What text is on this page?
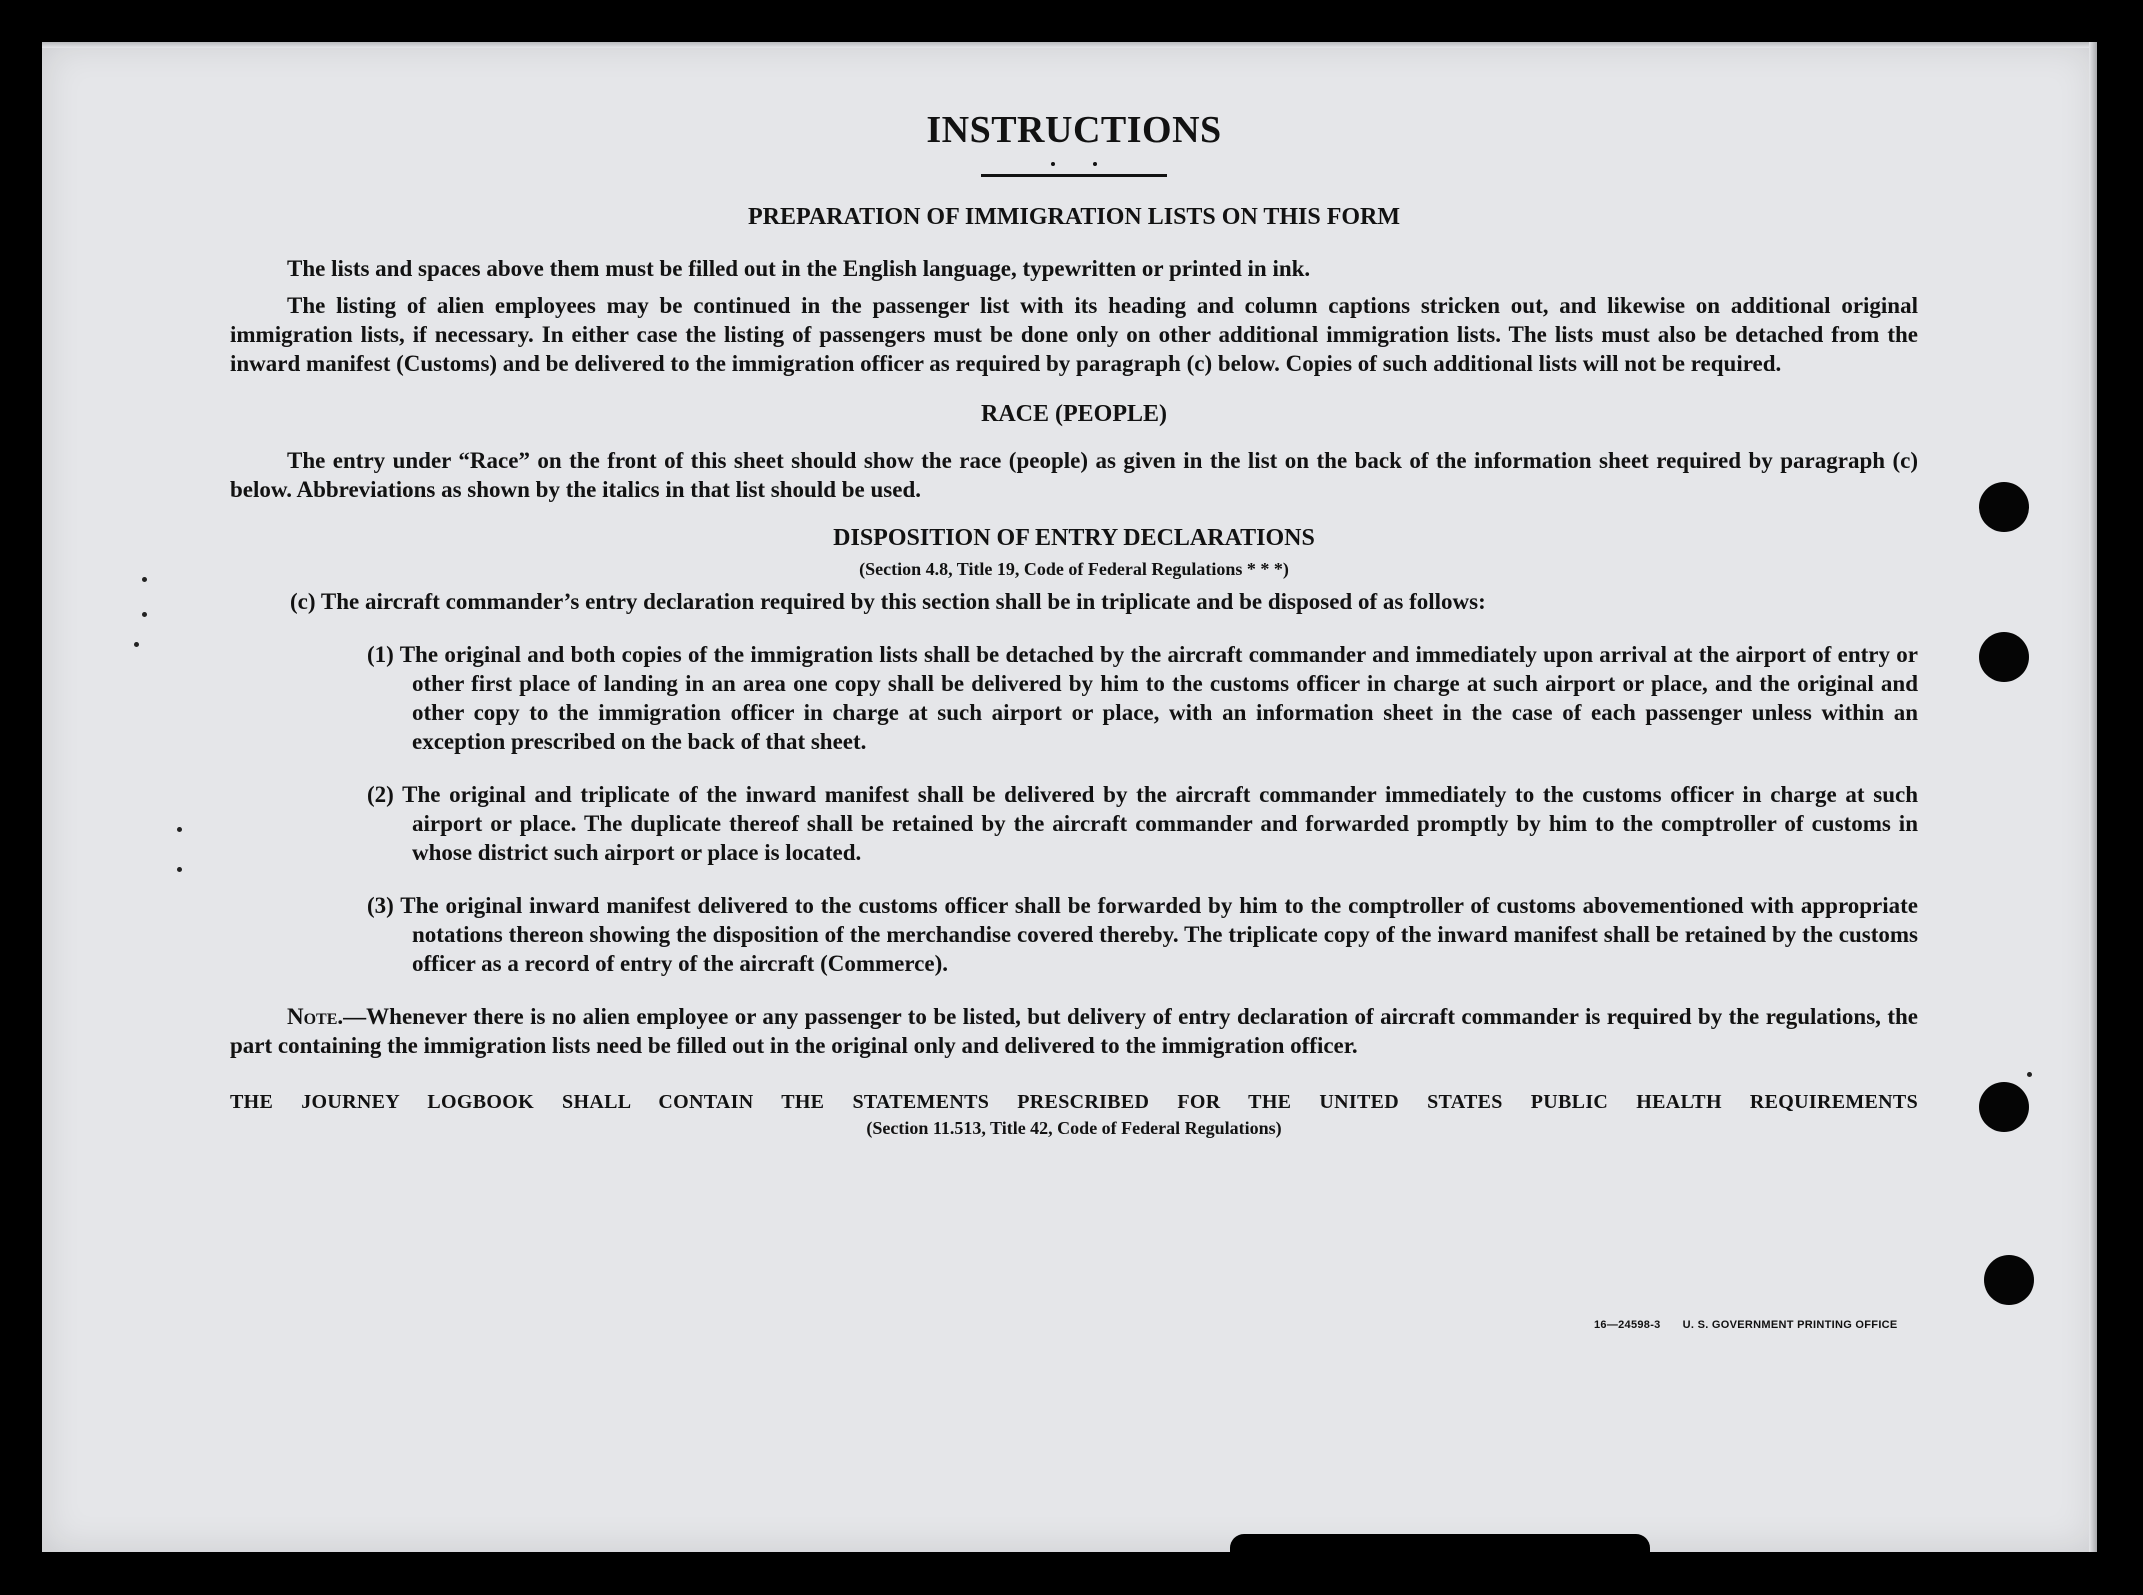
16—24598-3 U. S. GOVERNMENT PRINTING OFFICE
INSTRUCTIONS
PREPARATION OF IMMIGRATION LISTS ON THIS FORM

The lists and spaces above them must be filled out in the English language, typewritten or printed in ink.

The listing of alien employees may be continued in the passenger list with its heading and column captions stricken out, and likewise on additional original immigration lists, if necessary. In either case the listing of passengers must be done only on other additional immigration lists. The lists must also be detached from the inward manifest (Customs) and be delivered to the immigration officer as required by paragraph (c) below. Copies of such additional lists will not be required.

RACE (PEOPLE)

The entry under “Race” on the front of this sheet should show the race (people) as given in the list on the back of the information sheet required by paragraph (c) below. Abbreviations as shown by the italics in that list should be used.

DISPOSITION OF ENTRY DECLARATIONS
(Section 4.8, Title 19, Code of Federal Regulations * * *)

(c) The aircraft commander’s entry declaration required by this section shall be in triplicate and be disposed of as follows:

(1) The original and both copies of the immigration lists shall be detached by the aircraft commander and immediately upon arrival at the airport of entry or other first place of landing in an area one copy shall be delivered by him to the customs officer in charge at such airport or place, and the original and other copy to the immigration officer in charge at such airport or place, with an information sheet in the case of each passenger unless within an exception prescribed on the back of that sheet.

(2) The original and triplicate of the inward manifest shall be delivered by the aircraft commander immediately to the customs officer in charge at such airport or place. The duplicate thereof shall be retained by the aircraft commander and forwarded promptly by him to the comptroller of customs in whose district such airport or place is located.

(3) The original inward manifest delivered to the customs officer shall be forwarded by him to the comptroller of customs abovementioned with appropriate notations thereon showing the disposition of the merchandise covered thereby. The triplicate copy of the inward manifest shall be retained by the customs officer as a record of entry of the aircraft (Commerce).

Note.—Whenever there is no alien employee or any passenger to be listed, but delivery of entry declaration of aircraft commander is required by the regulations, the part containing the immigration lists need be filled out in the original only and delivered to the immigration officer.

THE JOURNEY LOGBOOK SHALL CONTAIN THE STATEMENTS PRESCRIBED FOR THE UNITED STATES PUBLIC HEALTH REQUIREMENTS

(Section 11.513, Title 42, Code of Federal Regulations)
